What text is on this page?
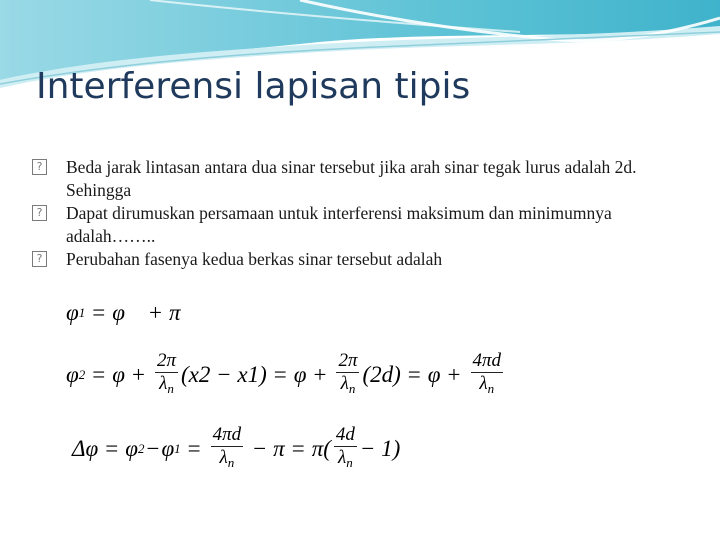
Interferensi lapisan tipis
?
Beda jarak lintasan antara dua sinar tersebut jika arah sinar tegak lurus adalah 2d. Sehingga
?
Dapat dirumuskan persamaan untuk interferensi maksimum dan minimumnya adalah……..
?
Perubahan fasenya kedua berkas sinar tersebut adalah
φ 1 = φ + π
φ $2 = \varphi + \frac{2\pi}{\lambda_n} (x2 - x1) = \varphi + \frac{2\pi}{\lambda_n} (2d) = \varphi + \frac{4\pi d}{\lambda_n}$
Δφ = φ 2 − φ $1 = \frac{4\pi d}{\lambda_n} - \pi = \pi( \frac{4d}{\lambda_n} - 1)$
